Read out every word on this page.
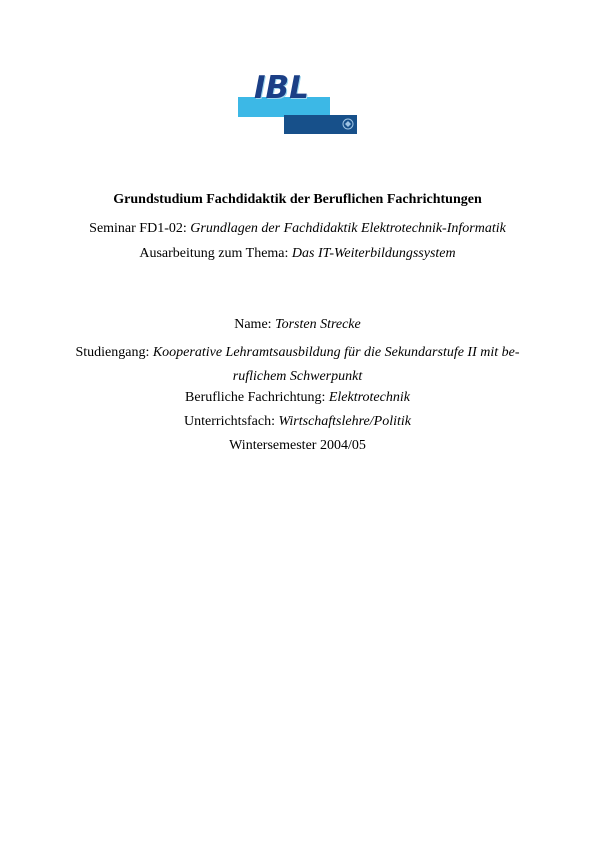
IBL
Grundstudium Fachdidaktik der Beruflichen Fachrichtungen
Seminar FD1-02: Grundlagen der Fachdidaktik Elektrotechnik-Informatik
Ausarbeitung zum Thema: Das IT-Weiterbildungssystem
Name: Torsten Strecke
Studiengang: Kooperative Lehramtsausbildung für die Sekundarstufe II mit be-
ruflichem Schwerpunkt
Berufliche Fachrichtung: Elektrotechnik
Unterrichtsfach: Wirtschaftslehre/Politik
Wintersemester 2004/05
